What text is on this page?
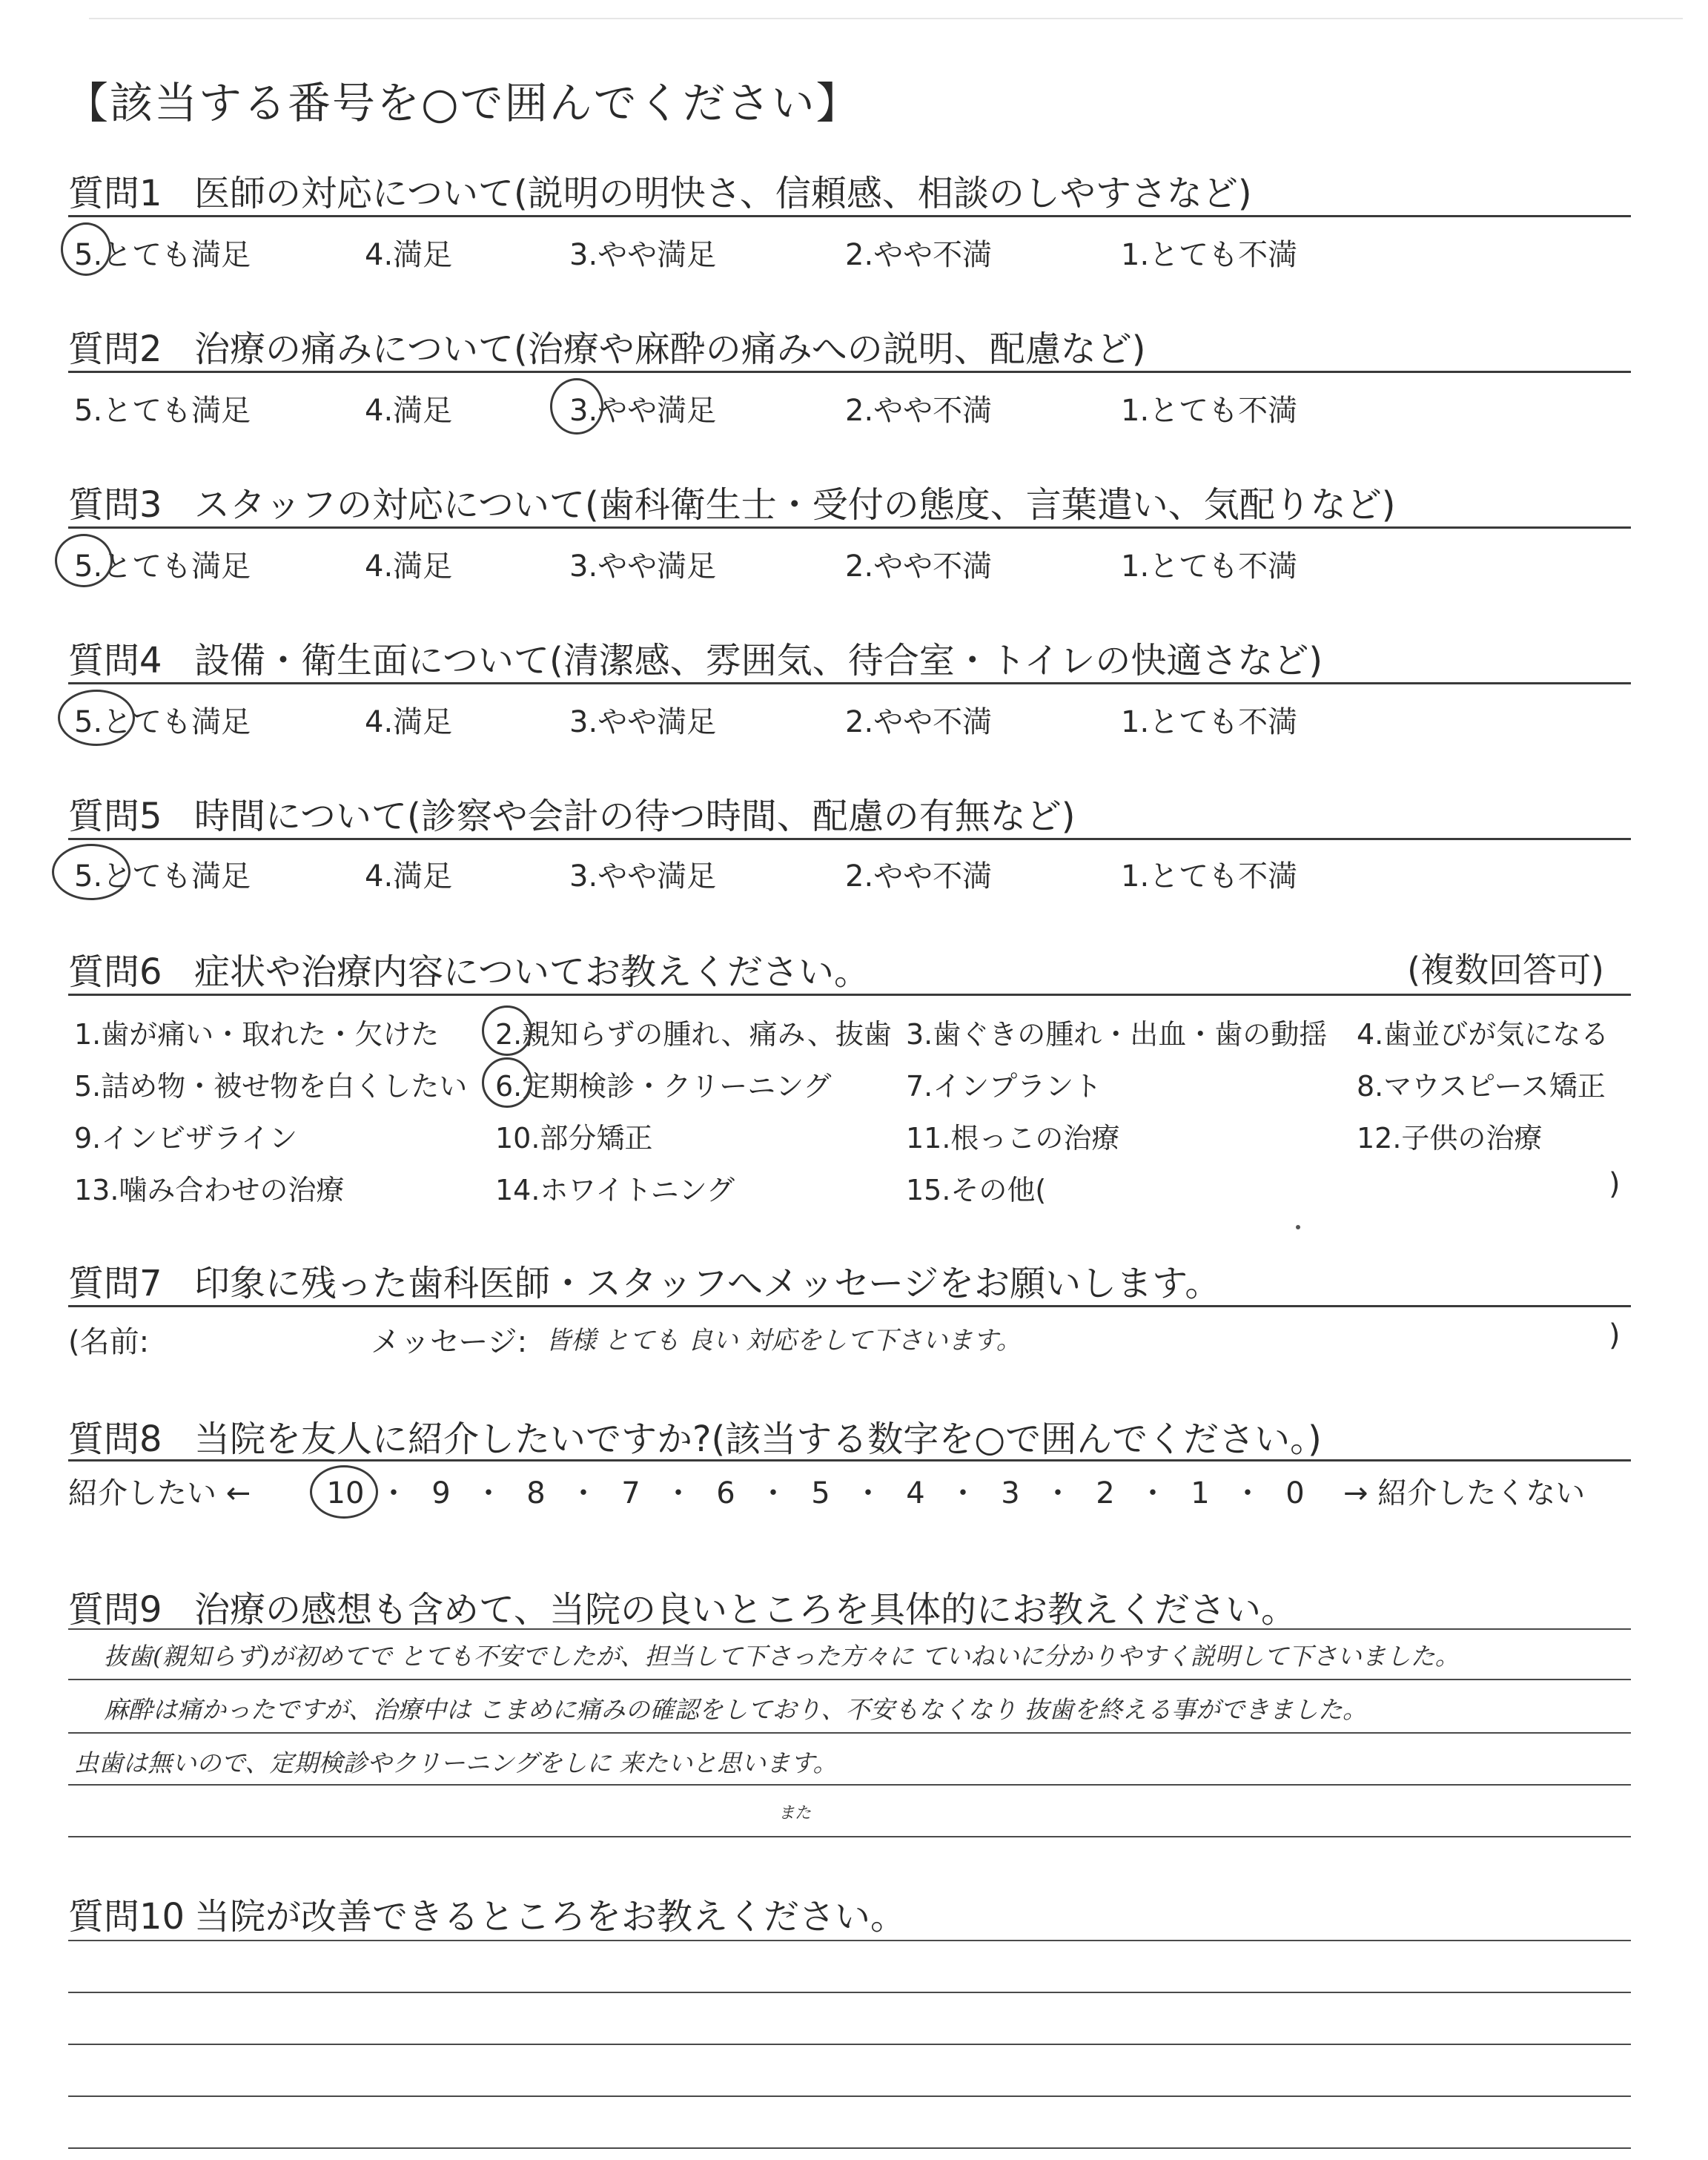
【該当する番号を○で囲んでください】
質問1 医師の対応について(説明の明快さ、信頼感、相談のしやすさなど)
5.とても満足	4.満足	3.やや満足	2.やや不満	1.とても不満
質問2 治療の痛みについて(治療や麻酔の痛みへの説明、配慮など)
5.とても満足	4.満足	3.やや満足	2.やや不満	1.とても不満
質問3 スタッフの対応について(歯科衛生士・受付の態度、言葉遣い、気配りなど)
5.とても満足	4.満足	3.やや満足	2.やや不満	1.とても不満
質問4 設備・衛生面について(清潔感、雰囲気、待合室・トイレの快適さなど)
5.とても満足	4.満足	3.やや満足	2.やや不満	1.とても不満
質問5 時間について(診察や会計の待つ時間、配慮の有無など)
5.とても満足	4.満足	3.やや満足	2.やや不満	1.とても不満
質問6 症状や治療内容についてお教えください。	(複数回答可)
1.歯が痛い・取れた・欠けた 2.親知らずの腫れ、痛み、抜歯 3.歯ぐきの腫れ・出血・歯の動揺 4.歯並びが気になる
5.詰め物・被せ物を白くしたい 6.定期検診・クリーニング	7.インプラント	8.マウスピース矯正
9.インビザライン	10.部分矯正	11.根っこの治療	12.子供の治療
13.噛み合わせの治療	14.ホワイトニング	15.その他(	)
質問7 印象に残った歯科医師・スタッフへメッセージをお願いします。
(名前:	メッセージ: 皆様 とても 良い 対応をして下さいます。	)
質問8 当院を友人に紹介したいですか?(該当する数字を○で囲んでください。)
紹介したい ←	10 ・ 9 ・ 8 ・ 7 ・ 6 ・ 5 ・ 4 ・ 3 ・ 2 ・ 1 ・ 0 → 紹介したくない
質問9 治療の感想も含めて、当院の良いところを具体的にお教えください。
抜歯(親知らず)が初めてで とても不安でしたが、担当して下さった方々に ていねいに分かりやすく説明して下さいました。
麻酔は痛かったですが、治療中は こまめに痛みの確認をしており、不安もなくなり 抜歯を終える事ができました。
虫歯は無いので、定期検診やクリーニングをしに 来たいと思います。
また
質問10 当院が改善できるところをお教えください。
